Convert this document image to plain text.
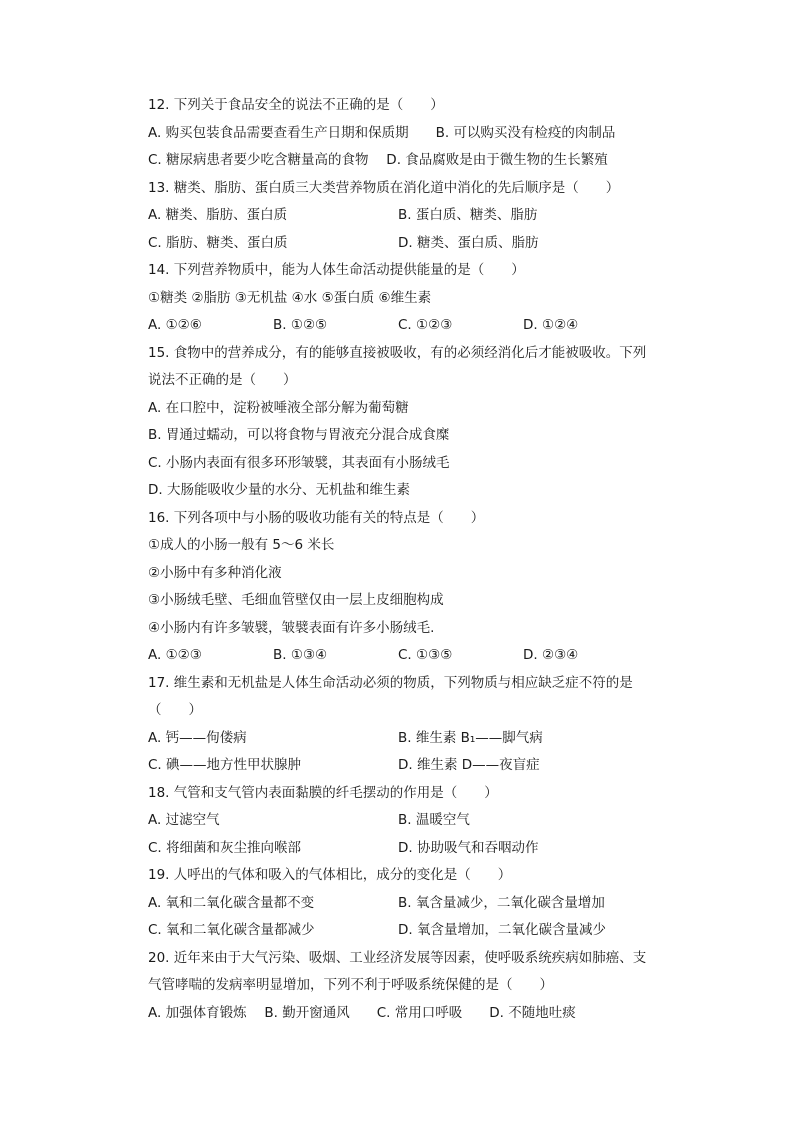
12. 下列关于食品安全的说法不正确的是（　　）
A. 购买包装食品需要查看生产日期和保质期　　B. 可以购买没有检疫的肉制品
C. 糖尿病患者要少吃含糖量高的食物　 D. 食品腐败是由于微生物的生长繁殖
13. 糖类、脂肪、蛋白质三大类营养物质在消化道中消化的先后顺序是（　　）
A. 糖类、脂肪、蛋白质	B. 蛋白质、糖类、脂肪
C. 脂肪、糖类、蛋白质	D. 糖类、蛋白质、脂肪
14. 下列营养物质中，能为人体生命活动提供能量的是（　　）
①糖类 ②脂肪 ③无机盐 ④水 ⑤蛋白质 ⑥维生素
A. ①②⑥	B. ①②⑤	C. ①②③	D. ①②④
15. 食物中的营养成分，有的能够直接被吸收，有的必须经消化后才能被吸收。下列
说法不正确的是（　　）
A. 在口腔中，淀粉被唾液全部分解为葡萄糖
B. 胃通过蠕动，可以将食物与胃液充分混合成食糜
C. 小肠内表面有很多环形皱襞，其表面有小肠绒毛
D. 大肠能吸收少量的水分、无机盐和维生素
16. 下列各项中与小肠的吸收功能有关的特点是（　　）
①成人的小肠一般有 5～6 米长
②小肠中有多种消化液
③小肠绒毛壁、毛细血管壁仅由一层上皮细胞构成
④小肠内有许多皱襞，皱襞表面有许多小肠绒毛.
A. ①②③	B. ①③④	C. ①③⑤	D. ②③④
17. 维生素和无机盐是人体生命活动必须的物质，下列物质与相应缺乏症不符的是
（　　）
A. 钙——佝偻病	B. 维生素 B₁——脚气病
C. 碘——地方性甲状腺肿	D. 维生素 D——夜盲症
18. 气管和支气管内表面黏膜的纤毛摆动的作用是（　　）
A. 过滤空气	B. 温暖空气
C. 将细菌和灰尘推向喉部	D. 协助吸气和吞咽动作
19. 人呼出的气体和吸入的气体相比，成分的变化是（　　）
A. 氧和二氧化碳含量都不变	B. 氧含量减少，二氧化碳含量增加
C. 氧和二氧化碳含量都减少	D. 氧含量增加，二氧化碳含量减少
20. 近年来由于大气污染、吸烟、工业经济发展等因素，使呼吸系统疾病如肺癌、支
气管哮喘的发病率明显增加，下列不利于呼吸系统保健的是（　　）
A. 加强体育锻炼　 B. 勤开窗通风　　C. 常用口呼吸　　D. 不随地吐痰
